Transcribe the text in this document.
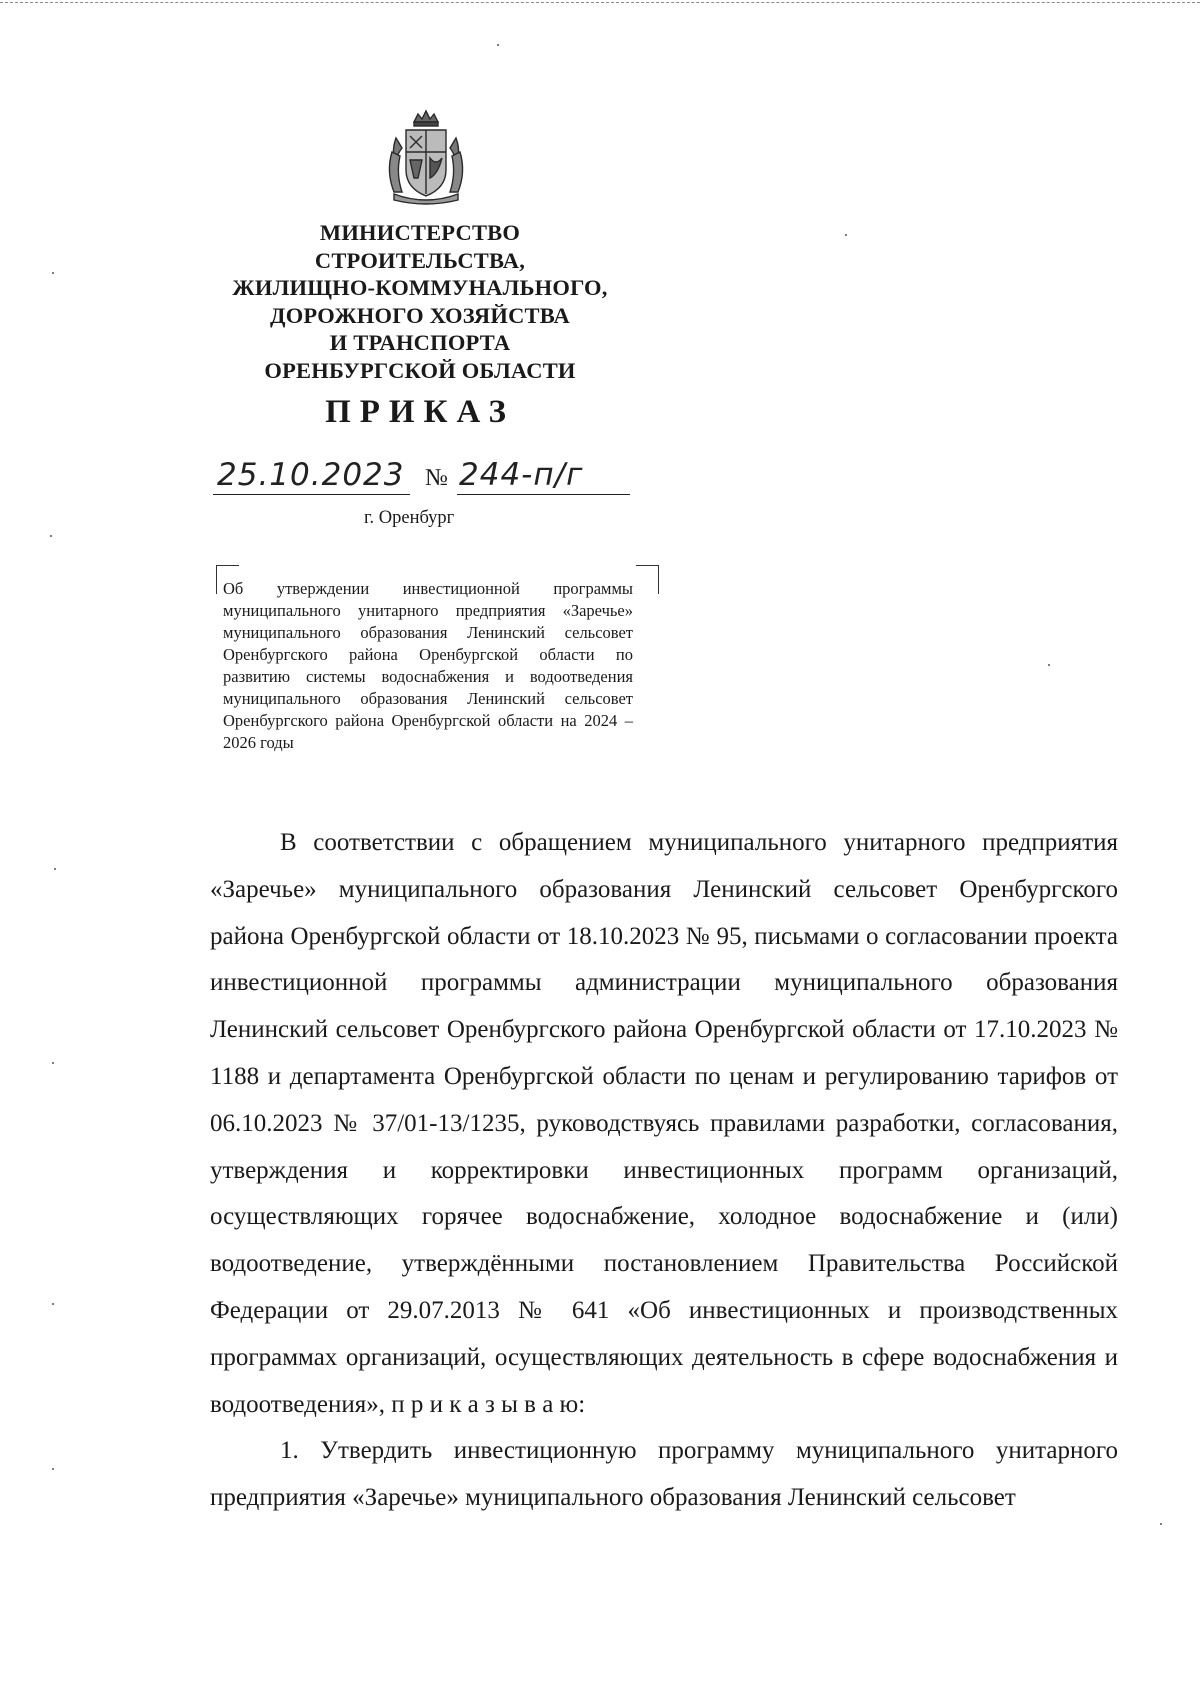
МИНИСТЕРСТВО
СТРОИТЕЛЬСТВА,
ЖИЛИЩНО-КОММУНАЛЬНОГО,
ДОРОЖНОГО ХОЗЯЙСТВА
И ТРАНСПОРТА
ОРЕНБУРГСКОЙ ОБЛАСТИ
ПРИКАЗ
25.10.2023 № 244-п/г
г. Оренбург
Об утверждении инвестиционной программы муниципального унитарного предприятия «Заречье» муниципального образования Ленинский сельсовет Оренбургского района Оренбургской области по развитию системы водоснабжения и водоотведения муниципального образования Ленинский сельсовет Оренбургского района Оренбургской области на 2024 – 2026 годы

В соответствии с обращением муниципального унитарного предприятия «Заречье» муниципального образования Ленинский сельсовет Оренбургского района Оренбургской области от 18.10.2023 № 95, письмами о согласовании проекта инвестиционной программы администрации муниципального образования Ленинский сельсовет Оренбургского района Оренбургской области от 17.10.2023 № 1188 и департамента Оренбургской области по ценам и регулированию тарифов от 06.10.2023 № 37/01-13/1235, руководствуясь правилами разработки, согласования, утверждения и корректировки инвестиционных программ организаций, осуществляющих горячее водоснабжение, холодное водоснабжение и (или) водоотведение, утверждёнными постановлением Правительства Российской Федерации от 29.07.2013 № 641 «Об инвестиционных и производственных программах организаций, осуществляющих деятельность в сфере водоснабжения и водоотведения», п р и к а з ы в а ю:

1. Утвердить инвестиционную программу муниципального унитарного предприятия «Заречье» муниципального образования Ленинский сельсовет
